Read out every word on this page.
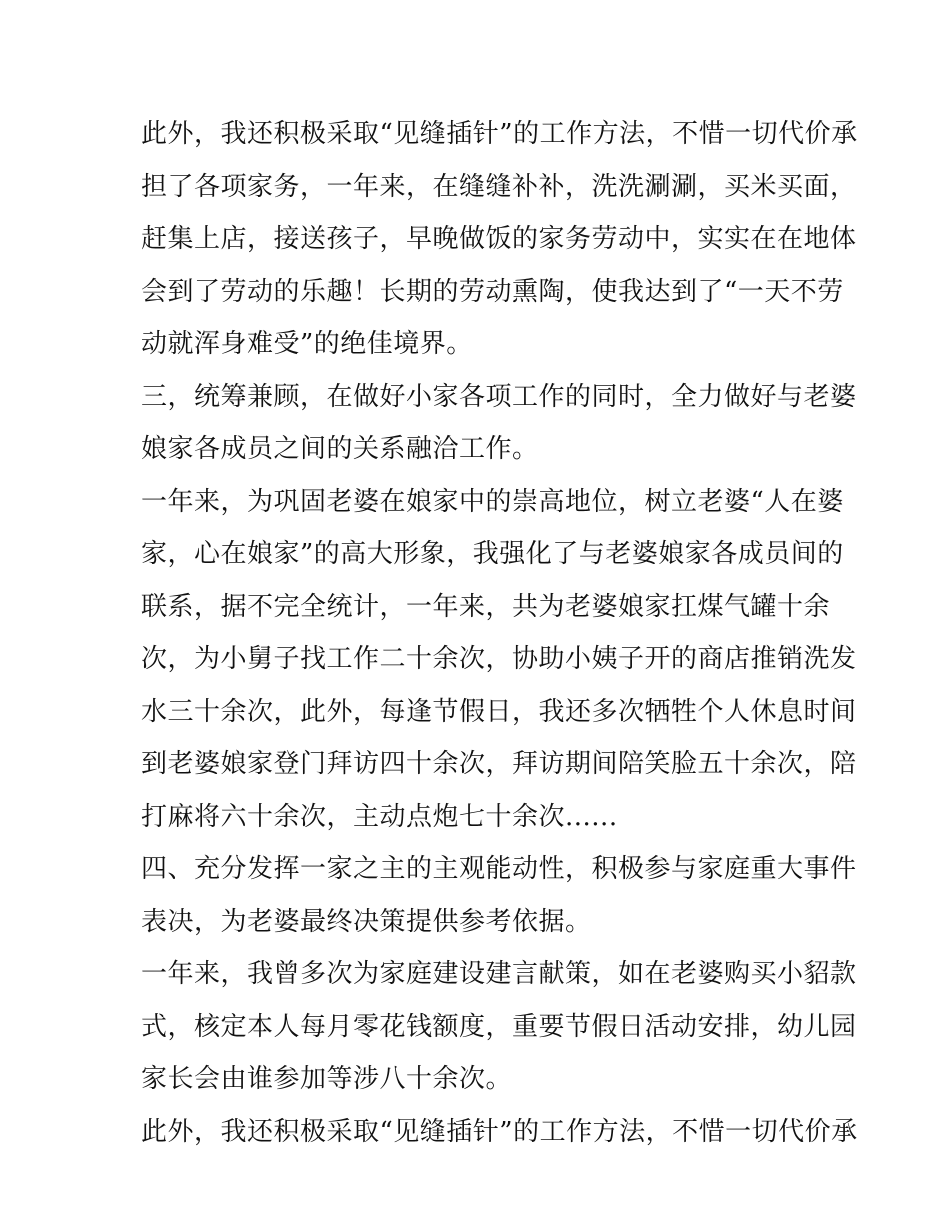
此外，我还积极采取“见缝插针”的工作方法，不惜一切代价承
担了各项家务，一年来，在缝缝补补，洗洗涮涮，买米买面，
赶集上店，接送孩子，早晚做饭的家务劳动中，实实在在地体
会到了劳动的乐趣！长期的劳动熏陶，使我达到了“一天不劳
动就浑身难受”的绝佳境界。
三，统筹兼顾，在做好小家各项工作的同时，全力做好与老婆
娘家各成员之间的关系融洽工作。
一年来，为巩固老婆在娘家中的崇高地位，树立老婆“人在婆
家，心在娘家”的高大形象，我强化了与老婆娘家各成员间的
联系，据不完全统计，一年来，共为老婆娘家扛煤气罐十余
次，为小舅子找工作二十余次，协助小姨子开的商店推销洗发
水三十余次，此外，每逢节假日，我还多次牺牲个人休息时间
到老婆娘家登门拜访四十余次，拜访期间陪笑脸五十余次，陪
打麻将六十余次，主动点炮七十余次......
四、充分发挥一家之主的主观能动性，积极参与家庭重大事件
表决，为老婆最终决策提供参考依据。
一年来，我曾多次为家庭建设建言献策，如在老婆购买小貂款
式，核定本人每月零花钱额度，重要节假日活动安排，幼儿园
家长会由谁参加等涉八十余次。
此外，我还积极采取“见缝插针”的工作方法，不惜一切代价承
